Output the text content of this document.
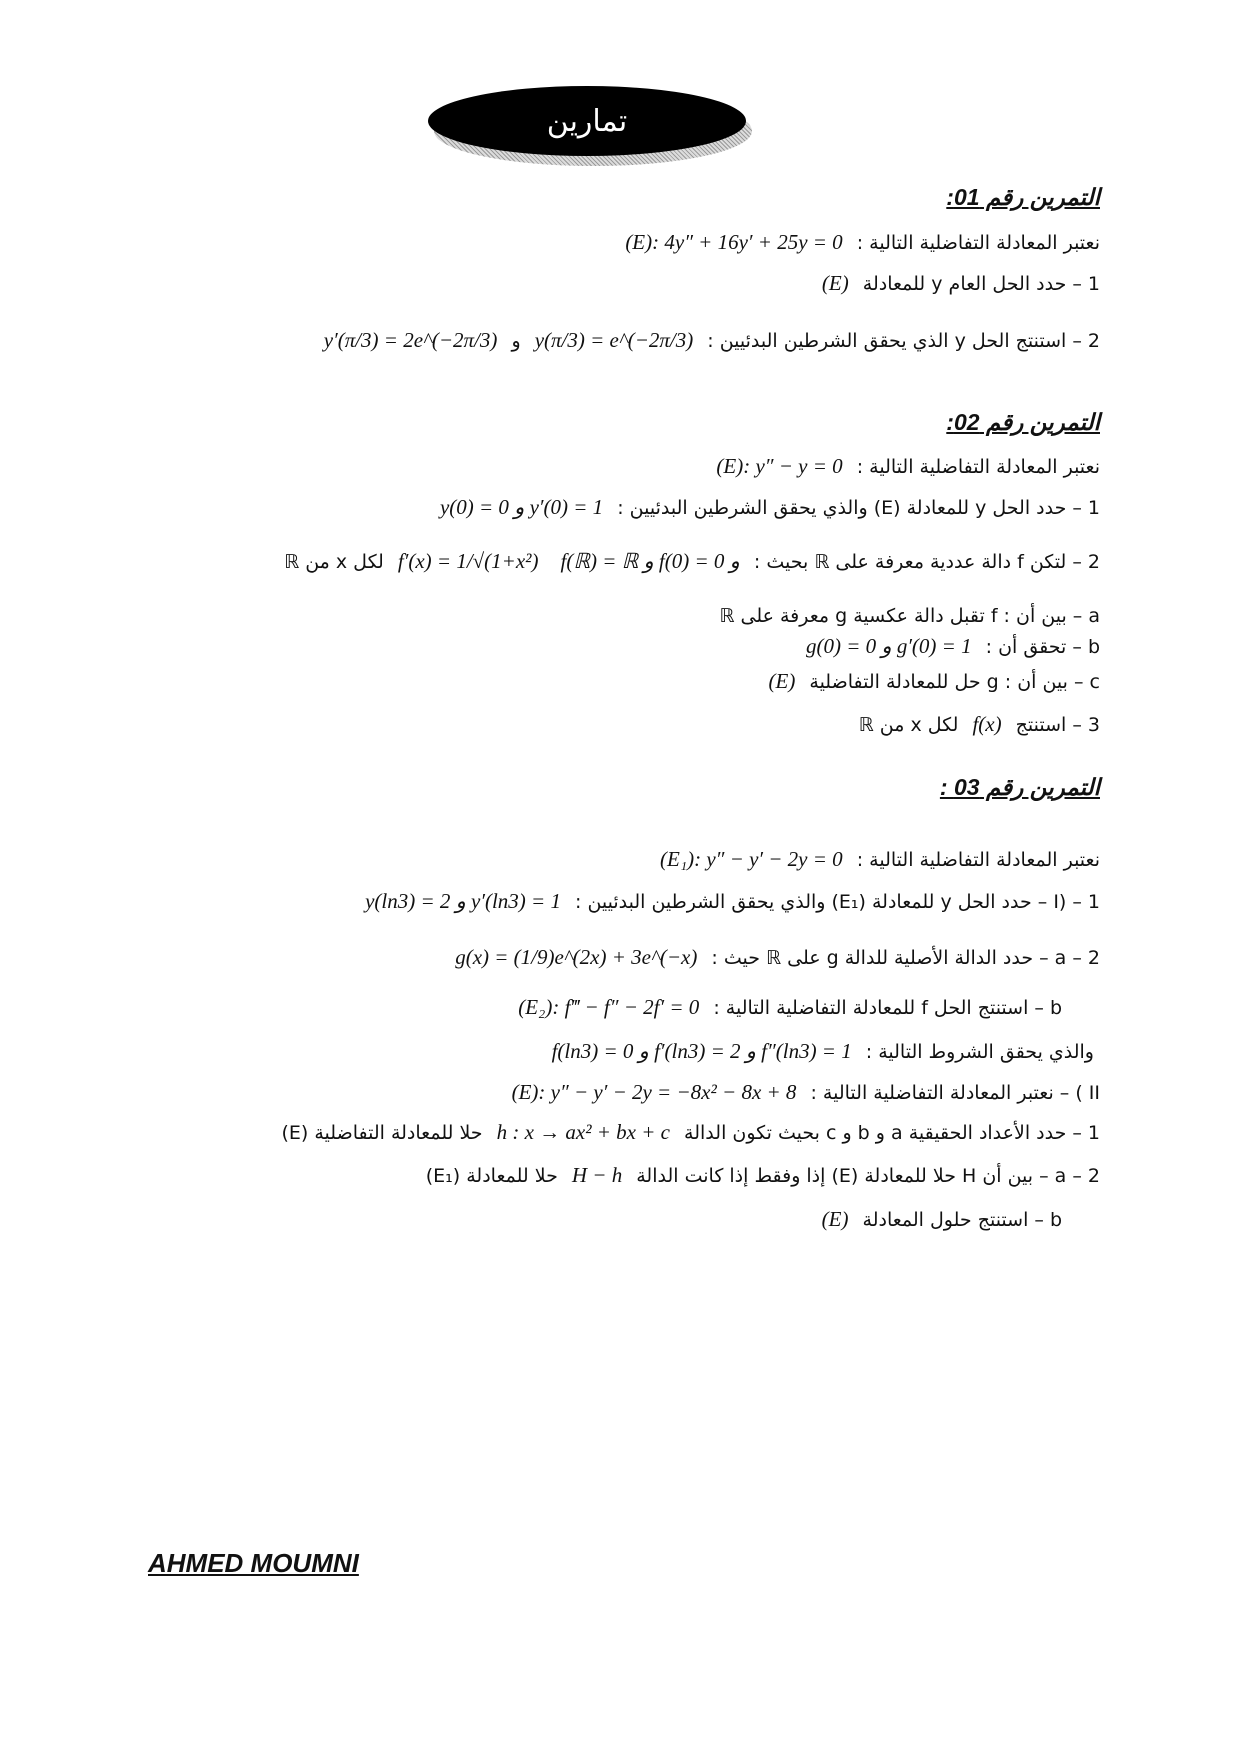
تمارين
التمرين رقم 01:
نعتبر المعادلة التفاضلية التالية : (E): 4y″ + 16y′ + 25y = 0
1 – حدد الحل العام y للمعادلة (E)
2 – استنتج الحل y الذي يحقق الشرطين البدئيين : y(π/3) = e^(−2π/3) و y′(π/3) = 2e^(−2π/3)
التمرين رقم 02:
نعتبر المعادلة التفاضلية التالية : (E): y″ − y = 0
1 – حدد الحل y للمعادلة (E) والذي يحقق الشرطين البدئيين : y(0) = 0 و y′(0) = 1
2 – لتكن f دالة عددية معرفة على ℝ بحيث : f(ℝ) = ℝ و f(0) = 0 و f′(x) = 1/√(1+x²) لكل x من ℝ
a – بين أن : f تقبل دالة عكسية g معرفة على ℝ
b – تحقق أن : g(0) = 0 و g′(0) = 1
c – بين أن : g حل للمعادلة التفاضلية (E)
3 – استنتج f(x) لكل x من ℝ
التمرين رقم 03 :
نعتبر المعادلة التفاضلية التالية : (E₁): y″ − y′ − 2y = 0
I) – 1 – حدد الحل y للمعادلة (E₁) والذي يحقق الشرطين البدئيين : y(ln3) = 2 و y′(ln3) = 1
2 – a – حدد الدالة الأصلية للدالة g على ℝ حيث : g(x) = (1/9)e^(2x) + 3e^(−x)
b – استنتج الحل f للمعادلة التفاضلية التالية : (E₂): f‴ − f″ − 2f′ = 0
والذي يحقق الشروط التالية : f(ln3) = 0 و f′(ln3) = 2 و f″(ln3) = 1
II ) – نعتبر المعادلة التفاضلية التالية : (E): y″ − y′ − 2y = −8x² − 8x + 8
1 – حدد الأعداد الحقيقية a و b و c بحيث تكون الدالة h : x → ax² + bx + c حلا للمعادلة التفاضلية (E)
2 – a – بين أن H حلا للمعادلة (E) إذا وفقط إذا كانت الدالة H − h حلا للمعادلة (E₁)
b – استنتج حلول المعادلة (E)
AHMED MOUMNI
